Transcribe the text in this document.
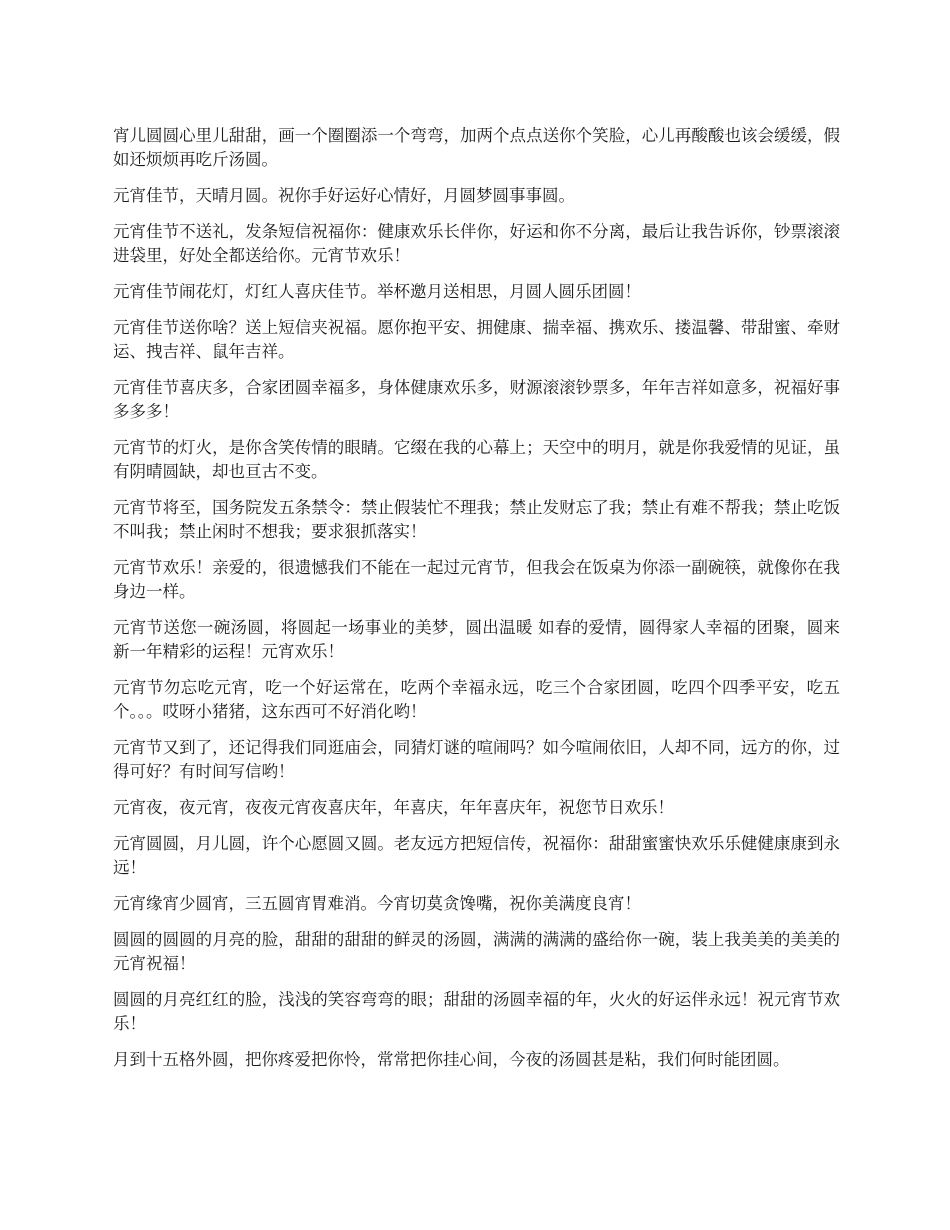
宵儿圆圆心里儿甜甜，画一个圈圈添一个弯弯，加两个点点送你个笑脸，心儿再酸酸也该会缓缓，假如还烦烦再吃斤汤圆。

元宵佳节，天晴月圆。祝你手好运好心情好，月圆梦圆事事圆。

元宵佳节不送礼，发条短信祝福你：健康欢乐长伴你，好运和你不分离，最后让我告诉你，钞票滚滚进袋里，好处全都送给你。元宵节欢乐！

元宵佳节闹花灯，灯红人喜庆佳节。举杯邀月送相思，月圆人圆乐团圆！

元宵佳节送你啥？送上短信夹祝福。愿你抱平安、拥健康、揣幸福、携欢乐、搂温馨、带甜蜜、牵财运、拽吉祥、鼠年吉祥。

元宵佳节喜庆多，合家团圆幸福多，身体健康欢乐多，财源滚滚钞票多，年年吉祥如意多，祝福好事多多多！

元宵节的灯火，是你含笑传情的眼睛。它缀在我的心幕上；天空中的明月，就是你我爱情的见证，虽有阴晴圆缺，却也亘古不变。

元宵节将至，国务院发五条禁令：禁止假装忙不理我；禁止发财忘了我；禁止有难不帮我；禁止吃饭不叫我；禁止闲时不想我；要求狠抓落实！

元宵节欢乐！亲爱的，很遗憾我们不能在一起过元宵节，但我会在饭桌为你添一副碗筷，就像你在我身边一样。

元宵节送您一碗汤圆，将圆起一场事业的美梦，圆出温暖 如春的爱情，圆得家人幸福的团聚，圆来新一年精彩的运程！元宵欢乐！

元宵节勿忘吃元宵，吃一个好运常在，吃两个幸福永远，吃三个合家团圆，吃四个四季平安，吃五个。。。哎呀小猪猪，这东西可不好消化哟！

元宵节又到了，还记得我们同逛庙会，同猜灯谜的喧闹吗？如今喧闹依旧，人却不同，远方的你，过得可好？有时间写信哟！

元宵夜，夜元宵，夜夜元宵夜喜庆年，年喜庆，年年喜庆年，祝您节日欢乐！

元宵圆圆，月儿圆，许个心愿圆又圆。老友远方把短信传，祝福你：甜甜蜜蜜快欢乐乐健健康康到永远！

元宵缘宵少圆宵，三五圆宵胃难消。今宵切莫贪馋嘴，祝你美满度良宵！

圆圆的圆圆的月亮的脸，甜甜的甜甜的鲜灵的汤圆，满满的满满的盛给你一碗，装上我美美的美美的元宵祝福！

圆圆的月亮红红的脸，浅浅的笑容弯弯的眼；甜甜的汤圆幸福的年，火火的好运伴永远！祝元宵节欢乐！

月到十五格外圆，把你疼爱把你怜，常常把你挂心间，今夜的汤圆甚是粘，我们何时能团圆。
